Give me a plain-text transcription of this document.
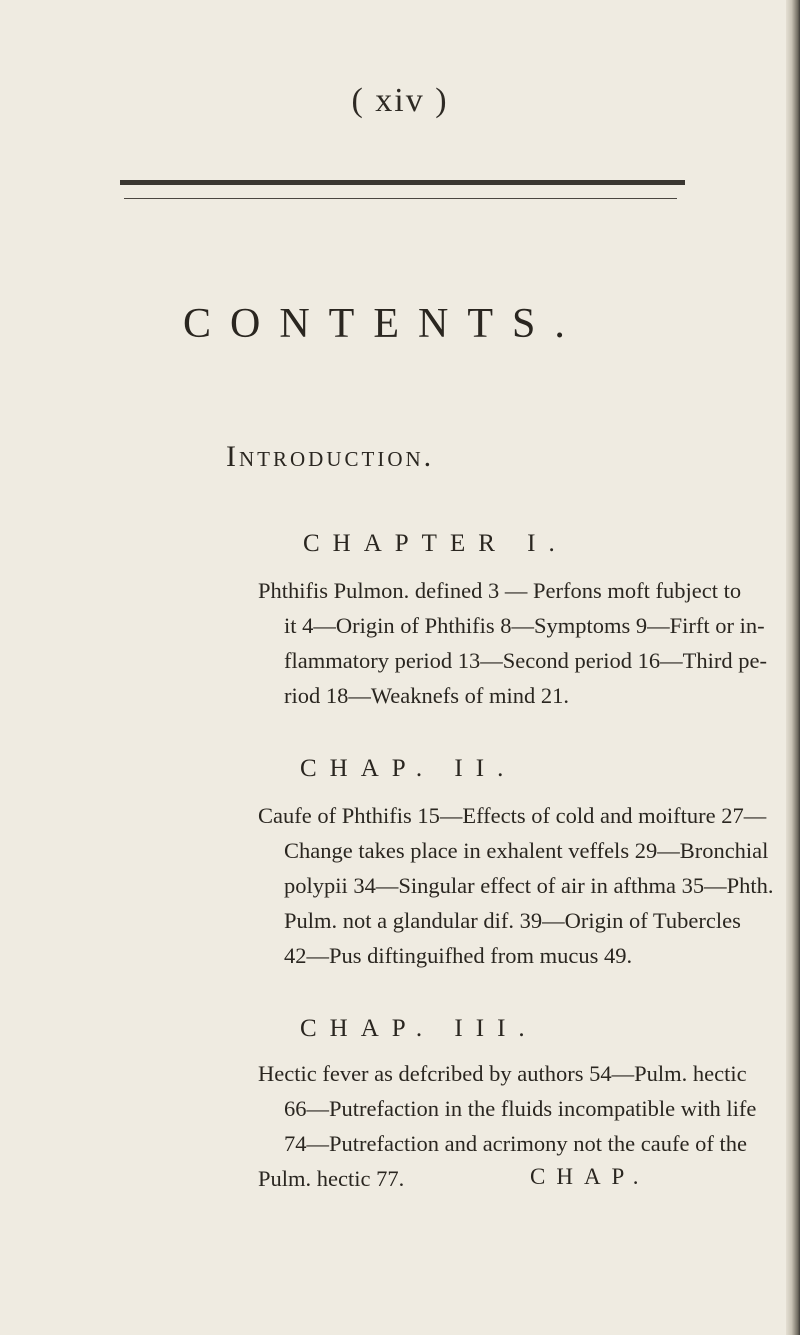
( xiv )
CONTENTS.
Introduction.
CHAPTER I.
Phthifis Pulmon. defined 3 — Perfons moft fubject to
it 4—Origin of Phthifis 8—Symptoms 9—Firft or in-
flammatory period 13—Second period 16—Third pe-
riod 18—Weaknefs of mind 21.
CHAP. II.
Caufe of Phthifis 15—Effects of cold and moifture 27—
Change takes place in exhalent veffels 29—Bronchial
polypii 34—Singular effect of air in afthma 35—Phth.
Pulm. not a glandular dif. 39—Origin of Tubercles
42—Pus diftinguifhed from mucus 49.
CHAP. III.
Hectic fever as defcribed by authors 54—Pulm. hectic
66—Putrefaction in the fluids incompatible with life
74—Putrefaction and acrimony not the caufe of the
Pulm. hectic 77.	CHAP.
